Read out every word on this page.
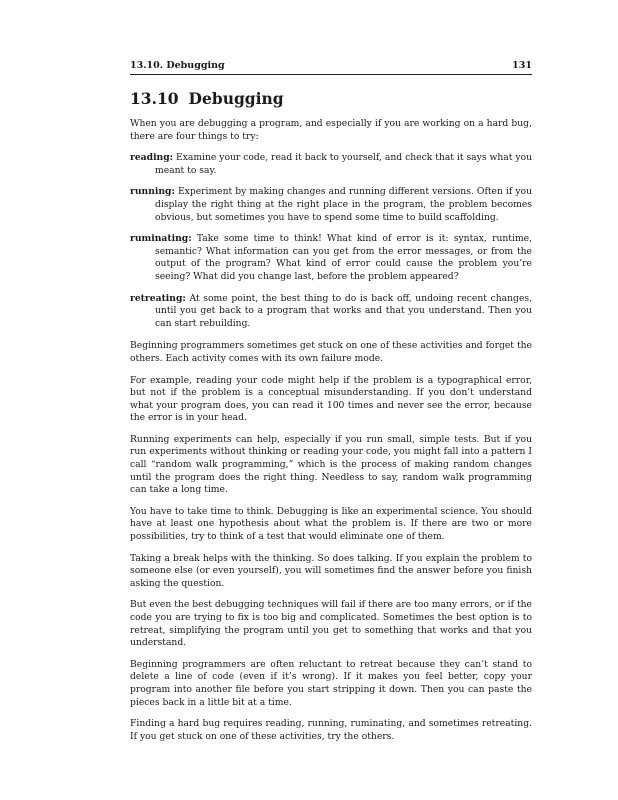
13.10. Debugging	131
13.10 Debugging

When you are debugging a program, and especially if you are working on a hard bug, there are four things to try:

reading: Examine your code, read it back to yourself, and check that it says what you meant to say.
running: Experiment by making changes and running different versions. Often if you display the right thing at the right place in the program, the problem becomes obvious, but sometimes you have to spend some time to build scaffolding.
ruminating: Take some time to think! What kind of error is it: syntax, runtime, semantic? What information can you get from the error messages, or from the output of the program? What kind of error could cause the problem you’re seeing? What did you change last, before the problem appeared?
retreating: At some point, the best thing to do is back off, undoing recent changes, until you get back to a program that works and that you understand. Then you can start rebuilding.

Beginning programmers sometimes get stuck on one of these activities and forget the others. Each activity comes with its own failure mode.

For example, reading your code might help if the problem is a typographical error, but not if the problem is a conceptual misunderstanding. If you don’t understand what your program does, you can read it 100 times and never see the error, because the error is in your head.

Running experiments can help, especially if you run small, simple tests. But if you run experiments without thinking or reading your code, you might fall into a pattern I call “random walk programming,” which is the process of making random changes until the program does the right thing. Needless to say, random walk programming can take a long time.

You have to take time to think. Debugging is like an experimental science. You should have at least one hypothesis about what the problem is. If there are two or more possibilities, try to think of a test that would eliminate one of them.

Taking a break helps with the thinking. So does talking. If you explain the problem to someone else (or even yourself), you will sometimes find the answer before you finish asking the question.

But even the best debugging techniques will fail if there are too many errors, or if the code you are trying to fix is too big and complicated. Sometimes the best option is to retreat, simplifying the program until you get to something that works and that you understand.

Beginning programmers are often reluctant to retreat because they can’t stand to delete a line of code (even if it’s wrong). If it makes you feel better, copy your program into another file before you start stripping it down. Then you can paste the pieces back in a little bit at a time.

Finding a hard bug requires reading, running, ruminating, and sometimes retreating. If you get stuck on one of these activities, try the others.
